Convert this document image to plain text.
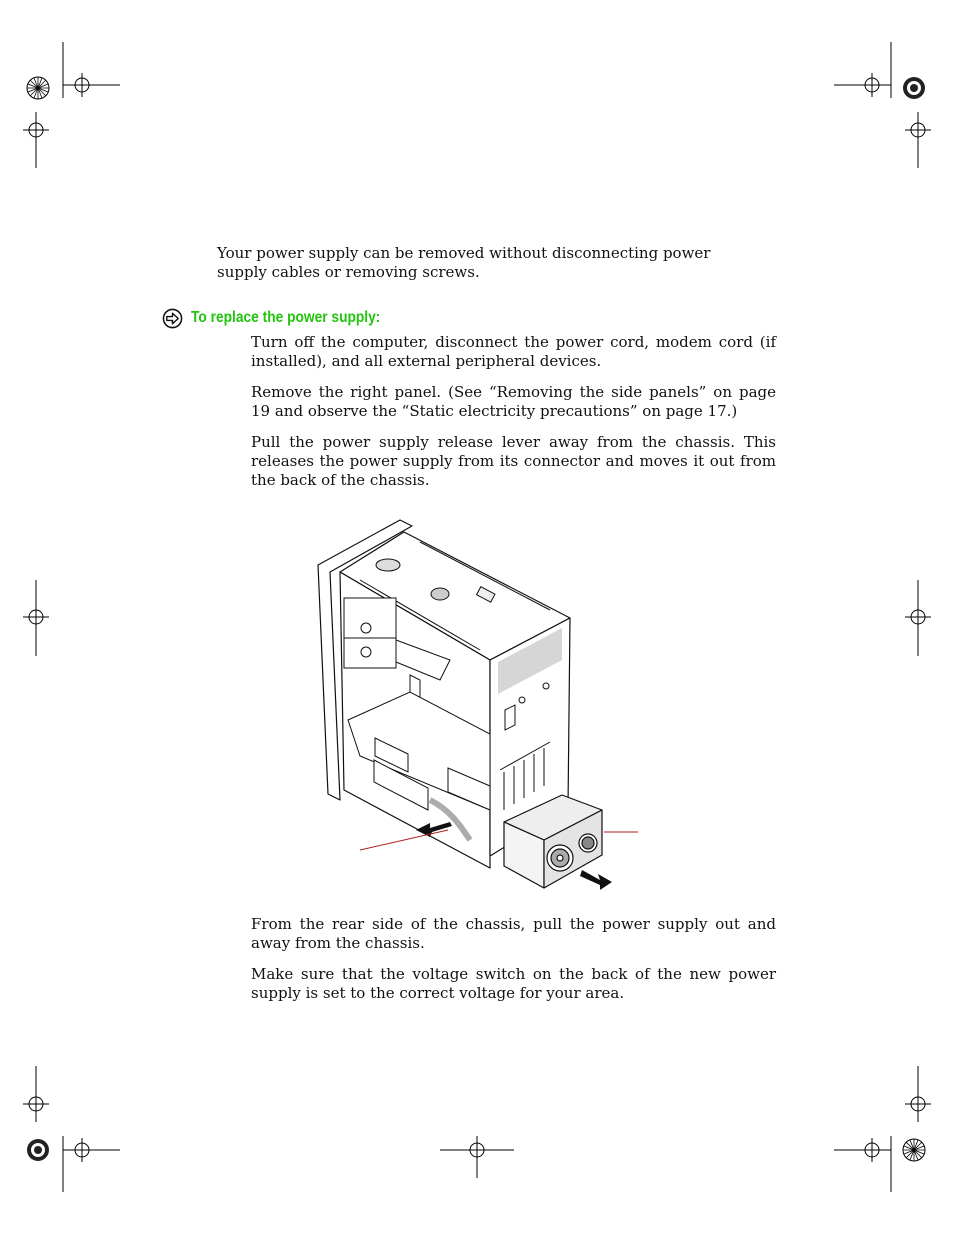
Your power supply can be removed without disconnecting power supply cables or removing screws.

To replace the power supply:
Turn off the computer, disconnect the power cord, modem cord (if installed), and all external peripheral devices.
Remove the right panel. (See “Removing the side panels” on page 19 and observe the “Static electricity precautions” on page 17.)
Pull the power supply release lever away from the chassis. This releases the power supply from its connector and moves it out from the back of the chassis.
From the rear side of the chassis, pull the power supply out and away from the chassis.
Make sure that the voltage switch on the back of the new power supply is set to the correct voltage for your area.
